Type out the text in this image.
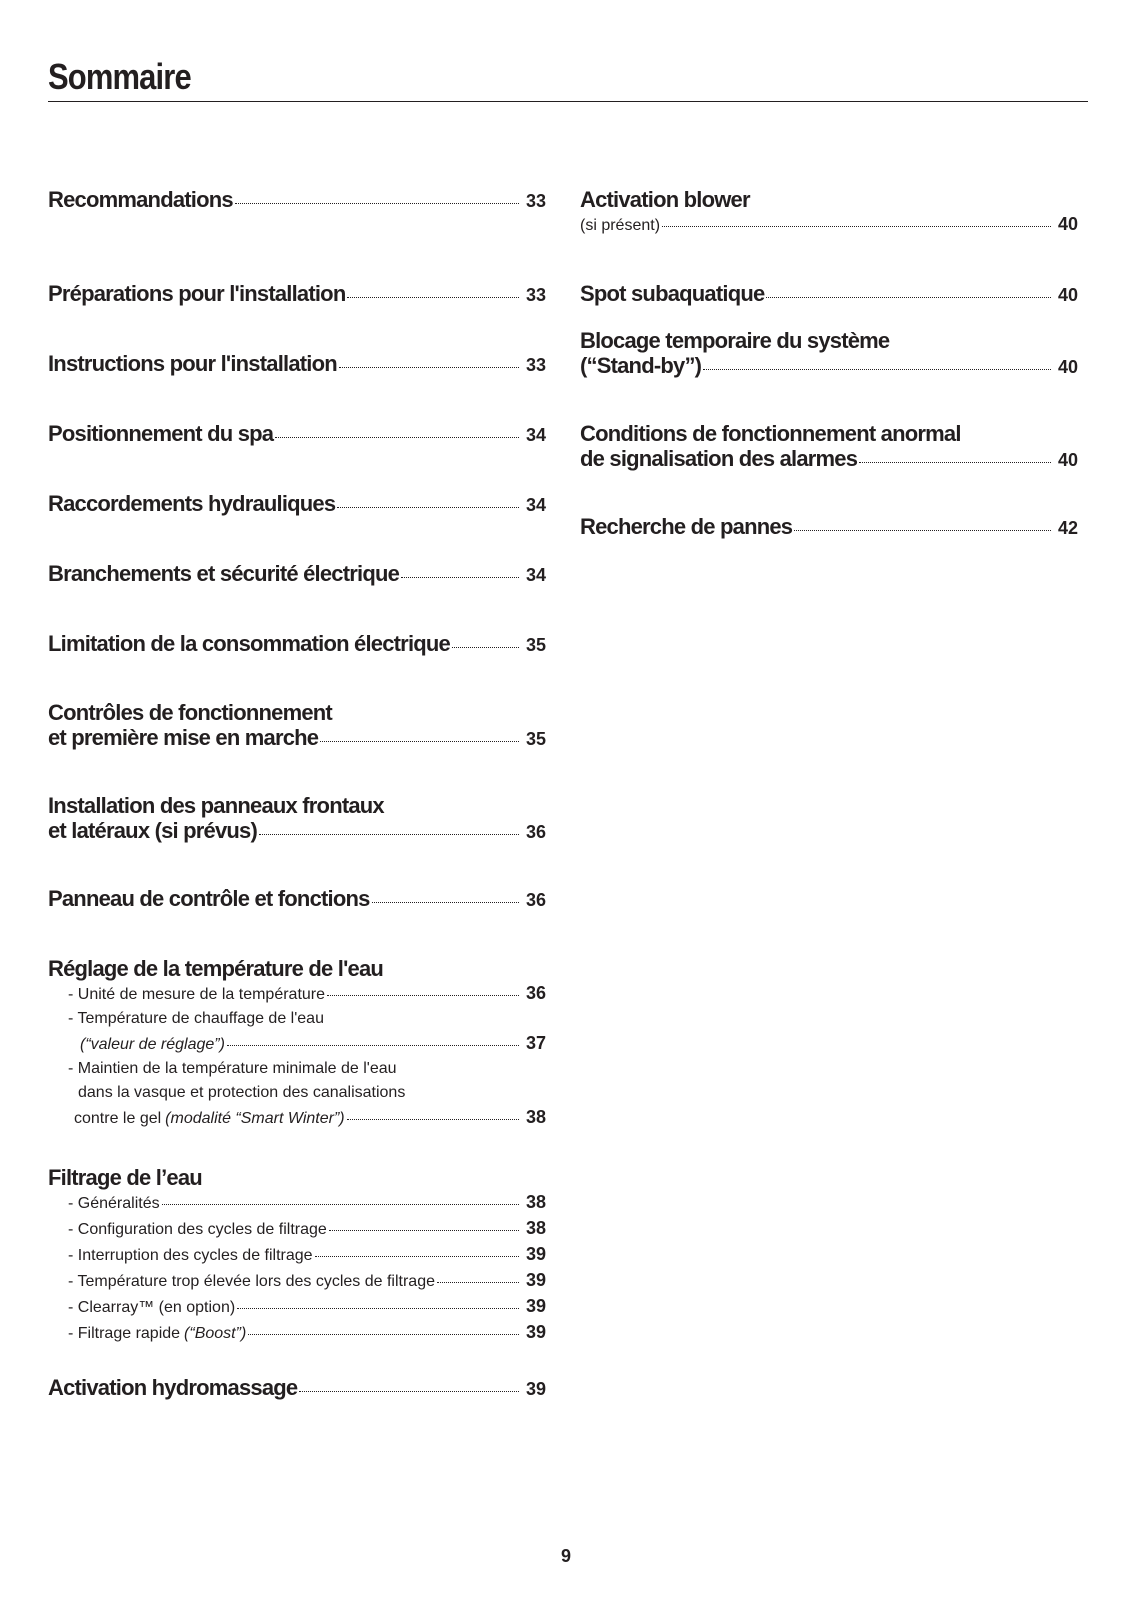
Sommaire
Recommandations	33
Préparations pour l'installation	33
Instructions pour l'installation	33
Positionnement du spa	34
Raccordements hydrauliques	34
Branchements et sécurité électrique	34
Limitation de la consommation électrique	35
Contrôles de fonctionnement
et première mise en marche	35
Installation des panneaux frontaux
et latéraux (si prévus)	36
Panneau de contrôle et fonctions	36
Réglage de la température de l'eau
- Unité de mesure de la température	36
- Température de chauffage de l'eau
(“valeur de réglage”)	37
- Maintien de la température minimale de l'eau
dans la vasque et protection des canalisations
contre le gel (modalité “Smart Winter”)	38
Filtrage de l’eau
- Généralités	38
- Configuration des cycles de filtrage	38
- Interruption des cycles de filtrage	39
- Température trop élevée lors des cycles de filtrage	39
- Clearray™ (en option)	39
- Filtrage rapide (“Boost”)	39
Activation hydromassage	39
Activation blower
(si présent)	40
Spot subaquatique	40
Blocage temporaire du système
(“Stand-by”)	40
Conditions de fonctionnement anormal
de signalisation des alarmes	40
Recherche de pannes	42
9
